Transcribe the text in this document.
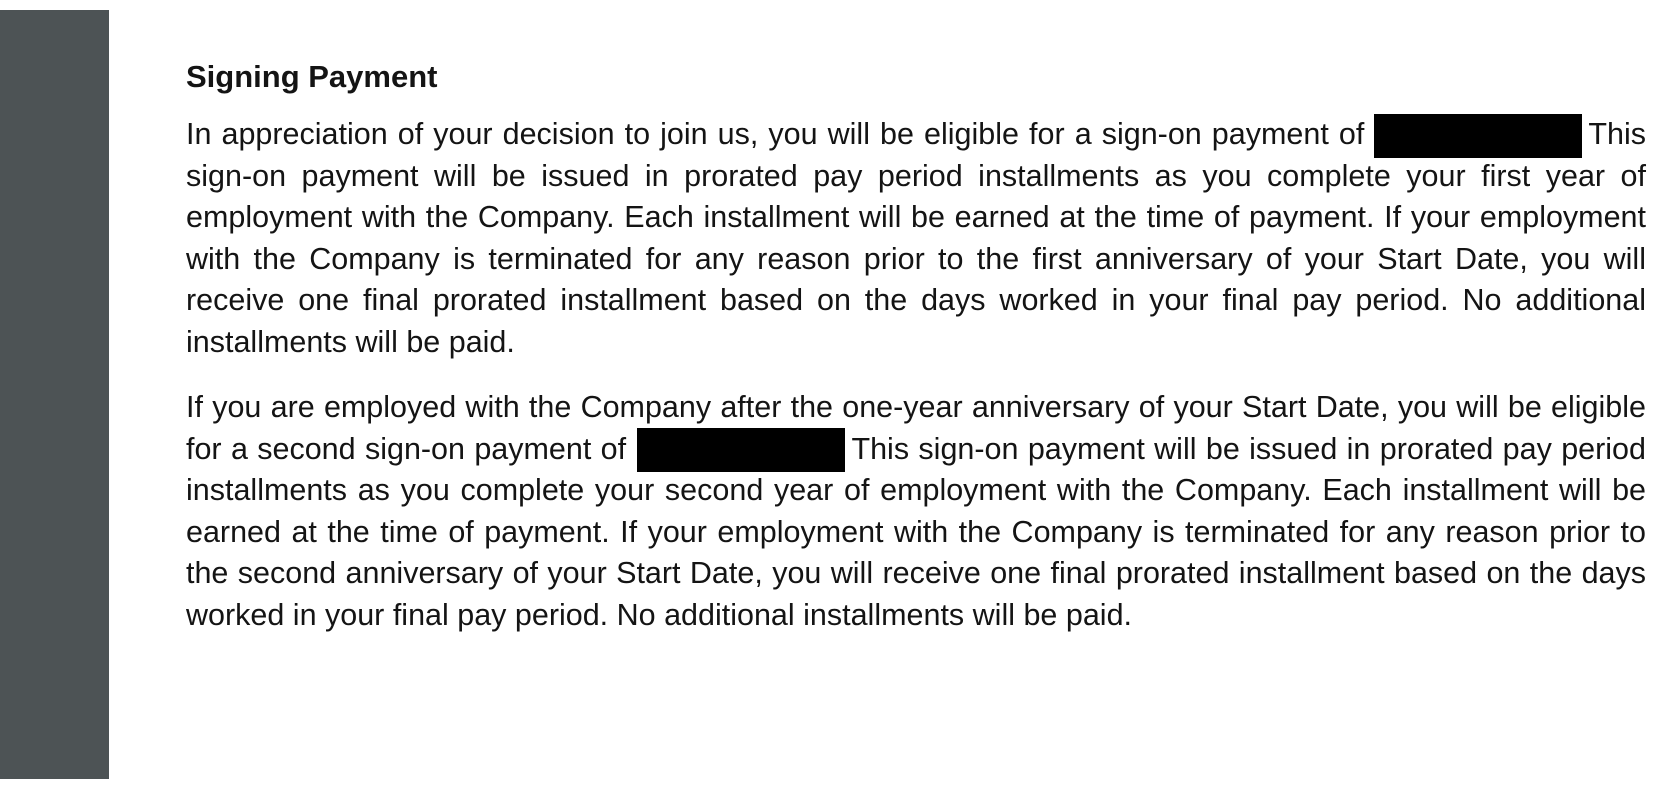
Signing Payment

In appreciation of your decision to join us, you will be eligible for a sign-on payment of	This sign-on payment will be issued in prorated pay period installments as you complete your first year of employment with the Company. Each installment will be earned at the time of payment. If your employment with the Company is terminated for any reason prior to the first anniversary of your Start Date, you will receive one final prorated installment based on the days worked in your final pay period. No additional installments will be paid.

If you are employed with the Company after the one-year anniversary of your Start Date, you will be eligible for a second sign-on payment of	This sign-on payment will be issued in prorated pay period installments as you complete your second year of employment with the Company. Each installment will be earned at the time of payment. If your employment with the Company is terminated for any reason prior to the second anniversary of your Start Date, you will receive one final prorated installment based on the days worked in your final pay period. No additional installments will be paid.
